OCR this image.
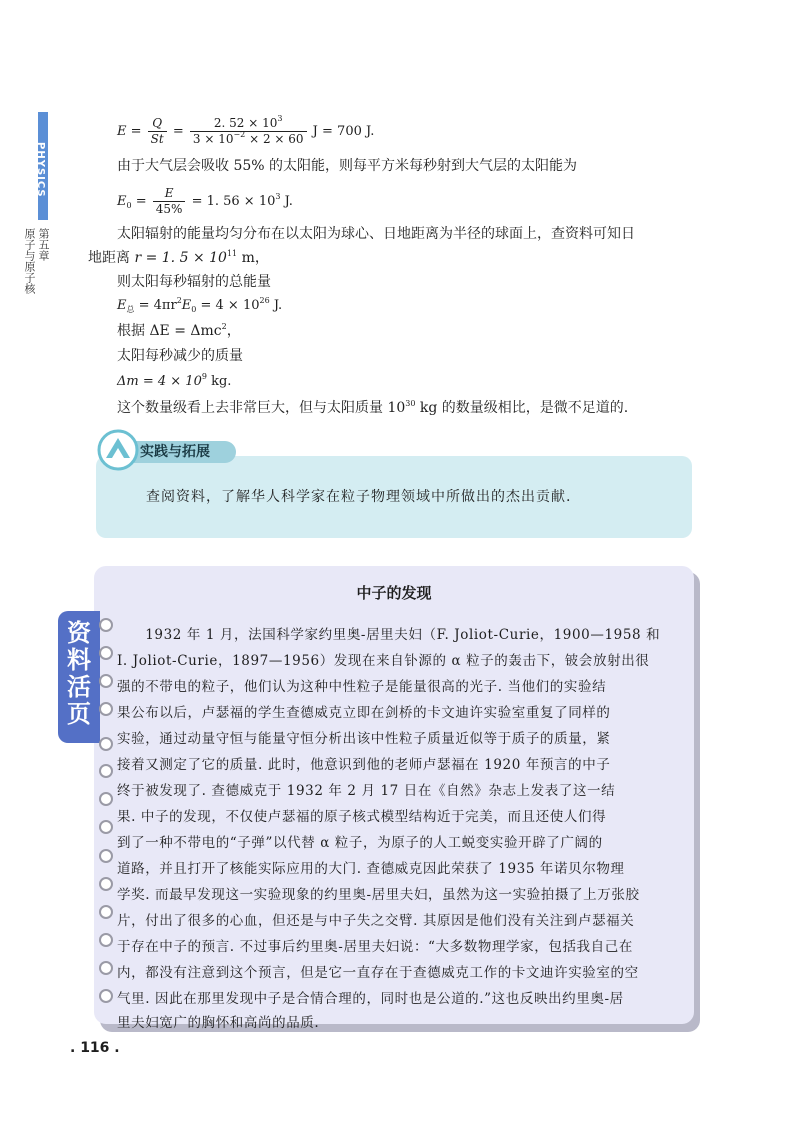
PHYSICS
第五章
原子与原子核
$E = \frac{Q}{St} = \frac{2. 52 \times 10^3}{3 \times 10^{-2} \times 2 \times 60}$ J = 700 J.
由于大气层会吸收 55% 的太阳能，则每平方米每秒射到大气层的太阳能为
$E_0 = \frac{E}{45\%} = 1$. $56 \times 10^3$ J.
太阳辐射的能量均匀分布在以太阳为球心、日地距离为半径的球面上，查资料可知日
地距离 r = 1. $5 \times 10^{11}$ m，
则太阳每秒辐射的总能量
$E_总 = 4\pi r^2E_0 = 4 \times 10^{26}$ J.
根据 ΔE = Δmc$^2$，
太阳每秒减少的质量
$\Delta m = 4 \times 10^9$ kg.
这个数量级看上去非常巨大，但与太阳质量 $10^{30}$ kg 的数量级相比，是微不足道的.
实践与拓展
查阅资料，了解华人科学家在粒子物理领域中所做出的杰出贡献.
资
料
活
页
中子的发现
　　1932 年 1 月，法国科学家约里奥-居里夫妇（F. Joliot-Curie，1900—1958 和
I. Joliot-Curie，1897—1956）发现在来自钋源的 α 粒子的轰击下，铍会放射出很
强的不带电的粒子，他们认为这种中性粒子是能量很高的光子. 当他们的实验结
果公布以后，卢瑟福的学生查德威克立即在剑桥的卡文迪许实验室重复了同样的
实验，通过动量守恒与能量守恒分析出该中性粒子质量近似等于质子的质量，紧
接着又测定了它的质量. 此时，他意识到他的老师卢瑟福在 1920 年预言的中子
终于被发现了. 查德威克于 1932 年 2 月 17 日在《自然》杂志上发表了这一结
果. 中子的发现，不仅使卢瑟福的原子核式模型结构近于完美，而且还使人们得
到了一种不带电的“子弹”以代替 α 粒子，为原子的人工蜕变实验开辟了广阔的
道路，并且打开了核能实际应用的大门. 查德威克因此荣获了 1935 年诺贝尔物理
学奖. 而最早发现这一实验现象的约里奥-居里夫妇，虽然为这一实验拍摄了上万张胶
片，付出了很多的心血，但还是与中子失之交臂. 其原因是他们没有关注到卢瑟福关
于存在中子的预言. 不过事后约里奥-居里夫妇说：“大多数物理学家，包括我自己在
内，都没有注意到这个预言，但是它一直存在于查德威克工作的卡文迪许实验室的空
气里. 因此在那里发现中子是合情合理的，同时也是公道的.”这也反映出约里奥-居
里夫妇宽广的胸怀和高尚的品质.
. 116 .
